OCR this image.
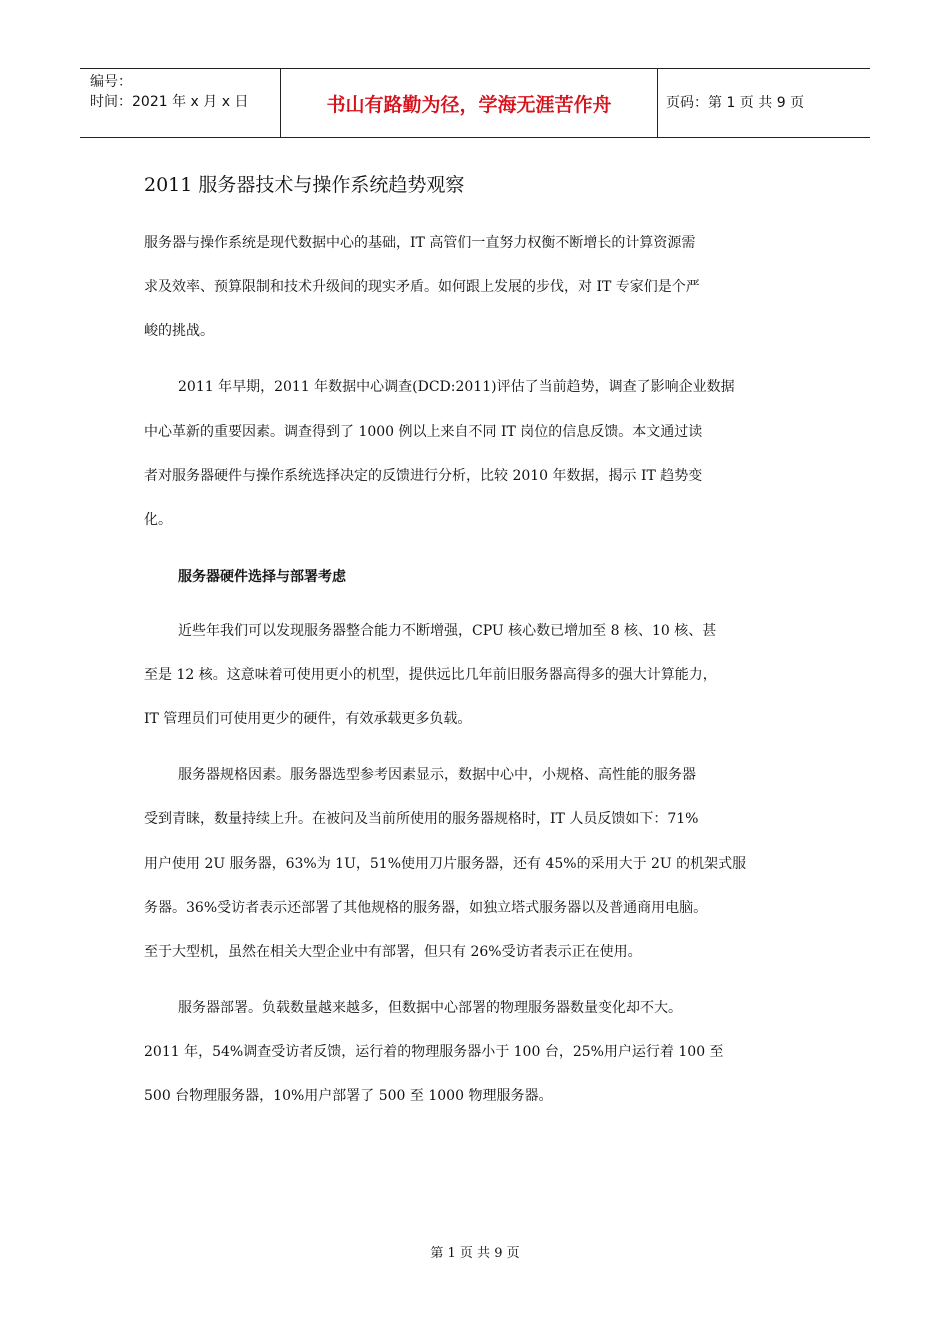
编号：
时间：2021 年 x 月 x 日	书山有路勤为径，学海无涯苦作舟	页码：第 1 页 共 9 页
2011 服务器技术与操作系统趋势观察
服务器与操作系统是现代数据中心的基础，IT 高管们一直努力权衡不断增长的计算资源需
求及效率、预算限制和技术升级间的现实矛盾。如何跟上发展的步伐，对 IT 专家们是个严
峻的挑战。
2011 年早期，2011 年数据中心调查(DCD:2011)评估了当前趋势，调查了影响企业数据
中心革新的重要因素。调查得到了 1000 例以上来自不同 IT 岗位的信息反馈。本文通过读
者对服务器硬件与操作系统选择决定的反馈进行分析，比较 2010 年数据，揭示 IT 趋势变
化。
服务器硬件选择与部署考虑
近些年我们可以发现服务器整合能力不断增强，CPU 核心数已增加至 8 核、10 核、甚
至是 12 核。这意味着可使用更小的机型，提供远比几年前旧服务器高得多的强大计算能力，
IT 管理员们可使用更少的硬件，有效承载更多负载。
服务器规格因素。服务器选型参考因素显示，数据中心中，小规格、高性能的服务器
受到青睐，数量持续上升。在被问及当前所使用的服务器规格时，IT 人员反馈如下：71%
用户使用 2U 服务器，63%为 1U，51%使用刀片服务器，还有 45%的采用大于 2U 的机架式服
务器。36%受访者表示还部署了其他规格的服务器，如独立塔式服务器以及普通商用电脑。
至于大型机，虽然在相关大型企业中有部署，但只有 26%受访者表示正在使用。
服务器部署。负载数量越来越多，但数据中心部署的物理服务器数量变化却不大。
2011 年，54%调查受访者反馈，运行着的物理服务器小于 100 台，25%用户运行着 100 至
500 台物理服务器，10%用户部署了 500 至 1000 物理服务器。
第 1 页 共 9 页
